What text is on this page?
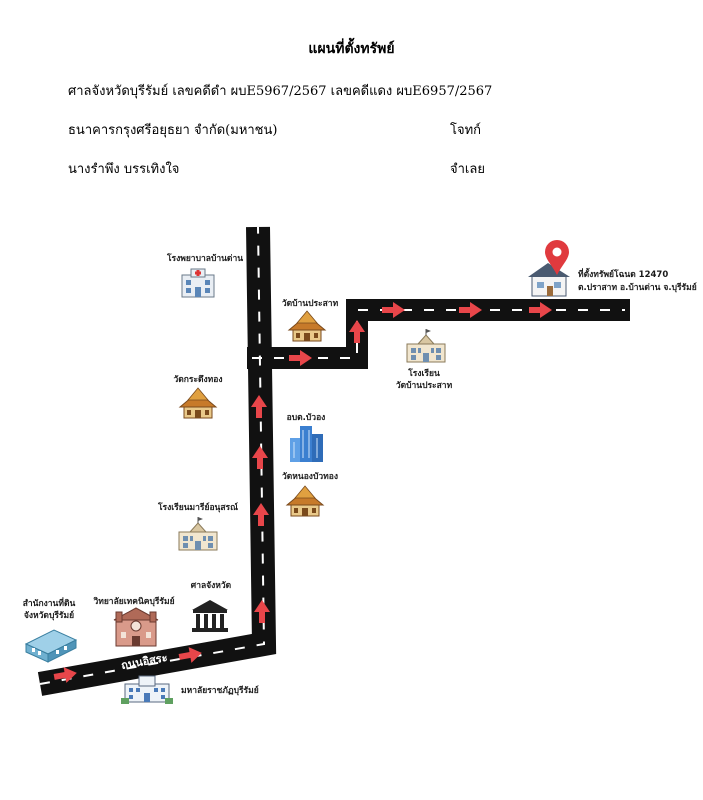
แผนที่ตั้งทรัพย์
ศาลจังหวัดบุรีรัมย์ เลขคดีดำ ผบE5967/2567 เลขคดีแดง ผบE6957/2567
ธนาคารกรุงศรีอยุธยา จำกัด(มหาชน)	โจทก์
นางรำพึง บรรเทิงใจ	จำเลย
ถนนอิสระ
ที่ตั้งทรัพย์โฉนด 12470
ต.ปราสาท อ.บ้านด่าน จ.บุรีรัมย์
โรงพยาบาลบ้านด่าน
วัดบ้านประสาท
โรงเรียน
วัดบ้านประสาท
วัดกระดึงทอง
อบต.บัวอง
วัดหนองบัวทอง
โรงเรียนมารีย์อนุสรณ์
สำนักงานที่ดิน
จังหวัดบุรีรัมย์
วิทยาลัยเทคนิคบุรีรัมย์
ศาลจังหวัด
มหาลัยราชภัฏบุรีรัมย์
